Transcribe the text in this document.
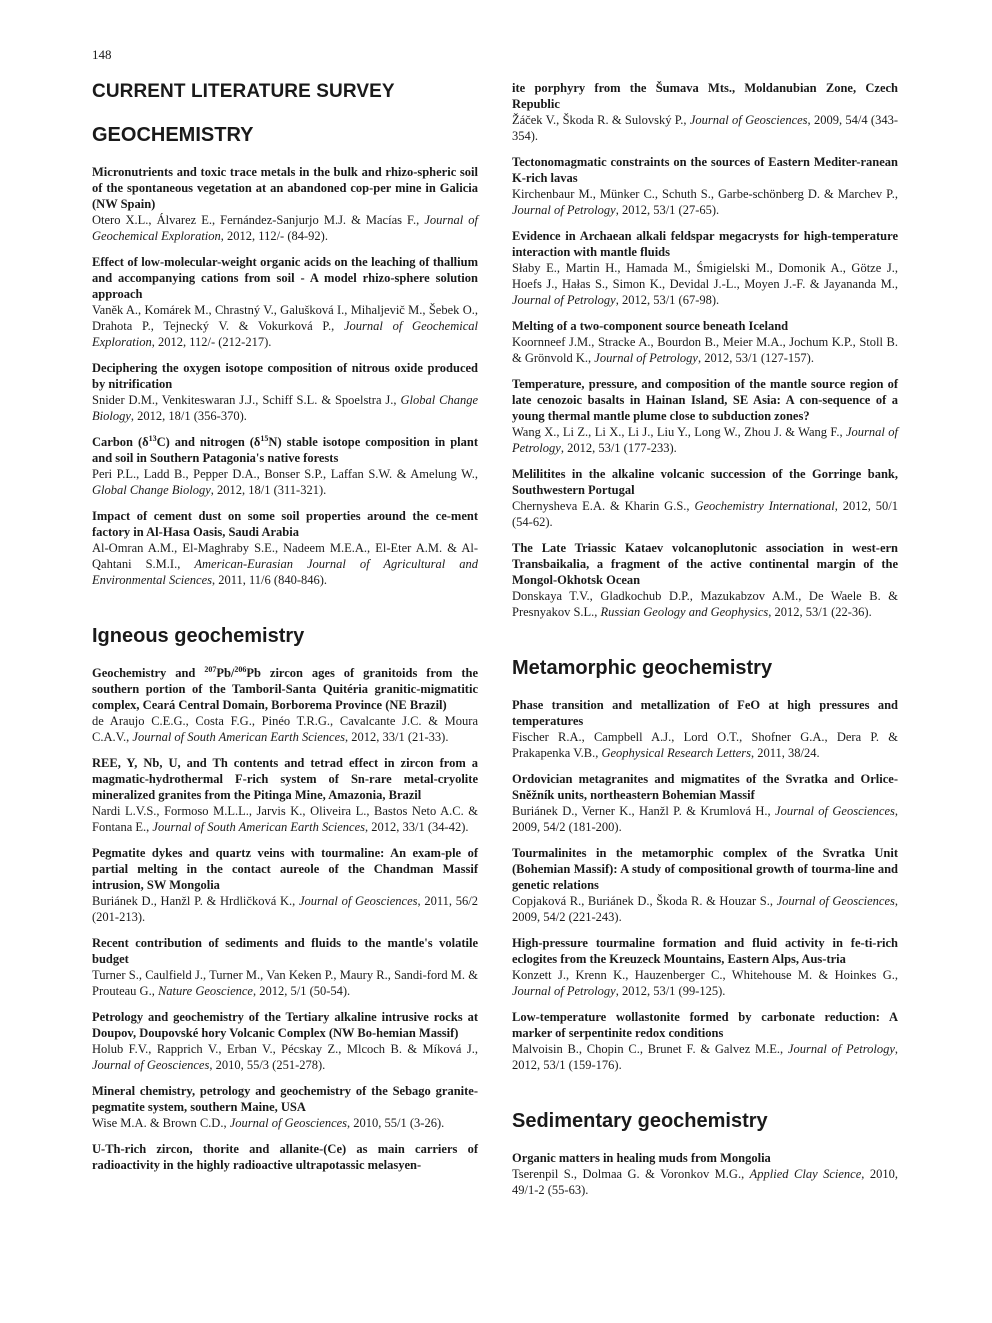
148
CURRENT LITERATURE SURVEY
GEOCHEMISTRY
Micronutrients and toxic trace metals in the bulk and rhizo-spheric soil of the spontaneous vegetation at an abandoned cop-per mine in Galicia (NW Spain)
Otero X.L., Álvarez E., Fernández-Sanjurjo M.J. & Macías F., Journal of Geochemical Exploration, 2012, 112/- (84-92).
Effect of low-molecular-weight organic acids on the leaching of thallium and accompanying cations from soil - A model rhizo-sphere solution approach
Vaněk A., Komárek M., Chrastný V., Galušková I., Mihaljevič M., Šebek O., Drahota P., Tejnecký V. & Vokurková P., Journal of Geochemical Exploration, 2012, 112/- (212-217).
Deciphering the oxygen isotope composition of nitrous oxide produced by nitrification
Snider D.M., Venkiteswaran J.J., Schiff S.L. & Spoelstra J., Global Change Biology, 2012, 18/1 (356-370).
Carbon $(\delta^{13}C)$ and nitrogen $(\delta^{15}N)$ stable isotope composition in plant and soil in Southern Patagonia's native forests
Peri P.L., Ladd B., Pepper D.A., Bonser S.P., Laffan S.W. & Amelung W., Global Change Biology, 2012, 18/1 (311-321).
Impact of cement dust on some soil properties around the ce-ment factory in Al-Hasa Oasis, Saudi Arabia
Al-Omran A.M., El-Maghraby S.E., Nadeem M.E.A., El-Eter A.M. & Al-Qahtani S.M.I., American-Eurasian Journal of Agricultural and Environmental Sciences, 2011, 11/6 (840-846).
Igneous geochemistry
Geochemistry and $^{207}$Pb/$^{206}$Pb zircon ages of granitoids from the southern portion of the Tamboril-Santa Quitéria granitic-migmatitic complex, Ceará Central Domain, Borborema Province (NE Brazil)
de Araujo C.E.G., Costa F.G., Pinéo T.R.G., Cavalcante J.C. & Moura C.A.V., Journal of South American Earth Sciences, 2012, 33/1 (21-33).
REE, Y, Nb, U, and Th contents and tetrad effect in zircon from a magmatic-hydrothermal F-rich system of Sn-rare metal-cryolite mineralized granites from the Pitinga Mine, Amazonia, Brazil
Nardi L.V.S., Formoso M.L.L., Jarvis K., Oliveira L., Bastos Neto A.C. & Fontana E., Journal of South American Earth Sciences, 2012, 33/1 (34-42).
Pegmatite dykes and quartz veins with tourmaline: An exam-ple of partial melting in the contact aureole of the Chandman Massif intrusion, SW Mongolia
Buriánek D., Hanžl P. & Hrdličková K., Journal of Geosciences, 2011, 56/2 (201-213).
Recent contribution of sediments and fluids to the mantle's volatile budget
Turner S., Caulfield J., Turner M., Van Keken P., Maury R., Sandi-ford M. & Prouteau G., Nature Geoscience, 2012, 5/1 (50-54).
Petrology and geochemistry of the Tertiary alkaline intrusive rocks at Doupov, Doupovské hory Volcanic Complex (NW Bo-hemian Massif)
Holub F.V., Rapprich V., Erban V., Pécskay Z., Mlcoch B. & Míková J., Journal of Geosciences, 2010, 55/3 (251-278).
Mineral chemistry, petrology and geochemistry of the Sebago granite-pegmatite system, southern Maine, USA
Wise M.A. & Brown C.D., Journal of Geosciences, 2010, 55/1 (3-26).
U-Th-rich zircon, thorite and allanite-(Ce) as main carriers of radioactivity in the highly radioactive ultrapotassic melasyen-
ite porphyry from the Šumava Mts., Moldanubian Zone, Czech Republic
Žáček V., Škoda R. & Sulovský P., Journal of Geosciences, 2009, 54/4 (343-354).
Tectonomagmatic constraints on the sources of Eastern Mediter-ranean K-rich lavas
Kirchenbaur M., Münker C., Schuth S., Garbe-schönberg D. & Marchev P., Journal of Petrology, 2012, 53/1 (27-65).
Evidence in Archaean alkali feldspar megacrysts for high-temperature interaction with mantle fluids
Słaby E., Martin H., Hamada M., Śmigielski M., Domonik A., Götze J., Hoefs J., Hałas S., Simon K., Devidal J.-L., Moyen J.-F. & Jayananda M., Journal of Petrology, 2012, 53/1 (67-98).
Melting of a two-component source beneath Iceland
Koornneef J.M., Stracke A., Bourdon B., Meier M.A., Jochum K.P., Stoll B. & Grönvold K., Journal of Petrology, 2012, 53/1 (127-157).
Temperature, pressure, and composition of the mantle source region of late cenozoic basalts in Hainan Island, SE Asia: A con-sequence of a young thermal mantle plume close to subduction zones?
Wang X., Li Z., Li X., Li J., Liu Y., Long W., Zhou J. & Wang F., Journal of Petrology, 2012, 53/1 (177-233).
Melilitites in the alkaline volcanic succession of the Gorringe bank, Southwestern Portugal
Chernysheva E.A. & Kharin G.S., Geochemistry International, 2012, 50/1 (54-62).
The Late Triassic Kataev volcanoplutonic association in west-ern Transbaikalia, a fragment of the active continental margin of the Mongol-Okhotsk Ocean
Donskaya T.V., Gladkochub D.P., Mazukabzov A.M., De Waele B. & Presnyakov S.L., Russian Geology and Geophysics, 2012, 53/1 (22-36).
Metamorphic geochemistry
Phase transition and metallization of FeO at high pressures and temperatures
Fischer R.A., Campbell A.J., Lord O.T., Shofner G.A., Dera P. & Prakapenka V.B., Geophysical Research Letters, 2011, 38/24.
Ordovician metagranites and migmatites of the Svratka and Orlice-Sněžník units, northeastern Bohemian Massif
Buriánek D., Verner K., Hanžl P. & Krumlová H., Journal of Geosciences, 2009, 54/2 (181-200).
Tourmalinites in the metamorphic complex of the Svratka Unit (Bohemian Massif): A study of compositional growth of tourma-line and genetic relations
Copjaková R., Buriánek D., Škoda R. & Houzar S., Journal of Geosciences, 2009, 54/2 (221-243).
High-pressure tourmaline formation and fluid activity in fe-ti-rich eclogites from the Kreuzeck Mountains, Eastern Alps, Aus-tria
Konzett J., Krenn K., Hauzenberger C., Whitehouse M. & Hoinkes G., Journal of Petrology, 2012, 53/1 (99-125).
Low-temperature wollastonite formed by carbonate reduction: A marker of serpentinite redox conditions
Malvoisin B., Chopin C., Brunet F. & Galvez M.E., Journal of Petrology, 2012, 53/1 (159-176).
Sedimentary geochemistry
Organic matters in healing muds from Mongolia
Tserenpil S., Dolmaa G. & Voronkov M.G., Applied Clay Science, 2010, 49/1-2 (55-63).
